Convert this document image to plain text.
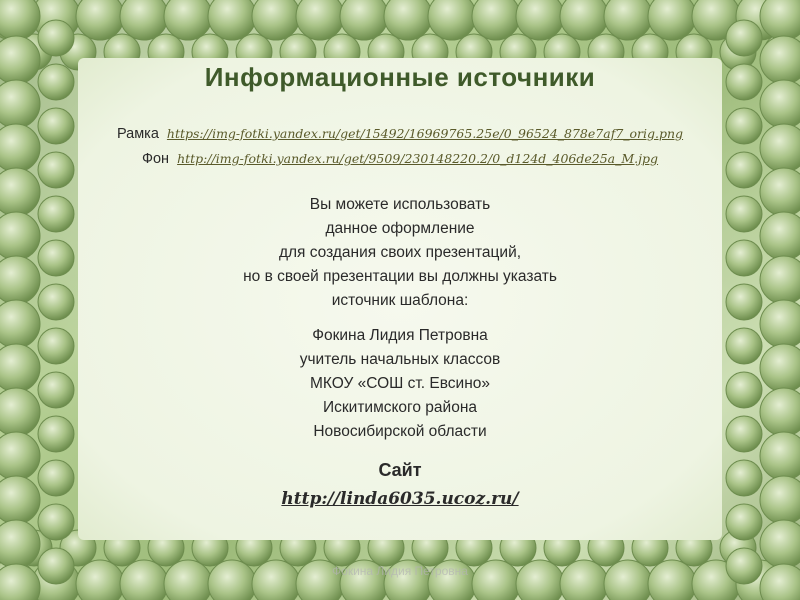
Информационные источники
Рамка https://img-fotki.yandex.ru/get/15492/16969765.25e/0_96524_878e7af7_orig.png
Фон http://img-fotki.yandex.ru/get/9509/230148220.2/0_d124d_406de25a_M.jpg
Вы можете использовать
данное оформление
для создания своих презентаций,
но в своей презентации вы должны указать
источник шаблона:
Фокина Лидия Петровна
учитель начальных классов
МКОУ «СОШ ст. Евсино»
Искитимского района
Новосибирской области
Сайт
http://linda6035.ucoz.ru/
Фокина Лидия Петровна
